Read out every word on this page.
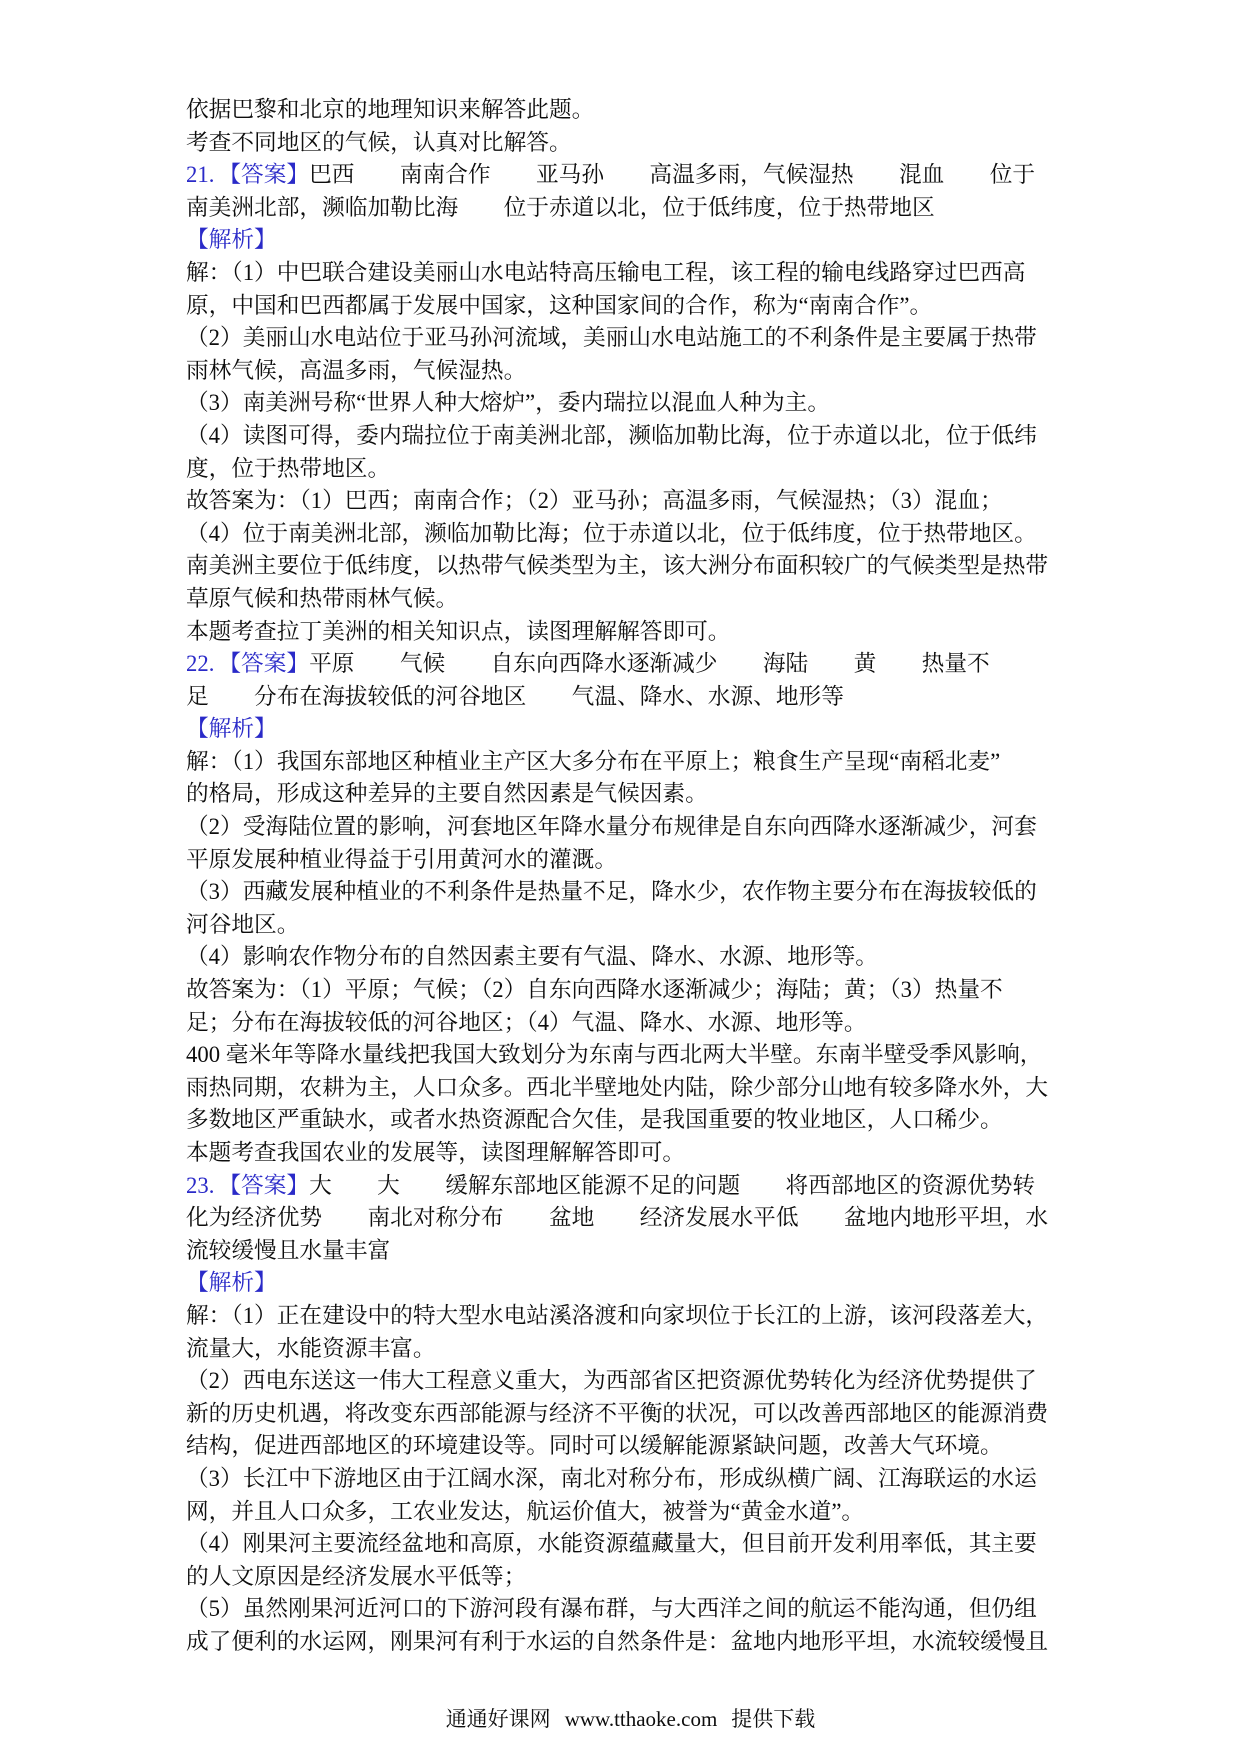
依据巴黎和北京的地理知识来解答此题。
考查不同地区的气候，认真对比解答。
21. 【答案】巴西　　南南合作　　亚马孙　　高温多雨，气候湿热　　混血　　位于
南美洲北部，濒临加勒比海　　位于赤道以北，位于低纬度，位于热带地区
【解析】
解：（1）中巴联合建设美丽山水电站特高压输电工程，该工程的输电线路穿过巴西高
原，中国和巴西都属于发展中国家，这种国家间的合作，称为“南南合作”。
（2）美丽山水电站位于亚马孙河流域，美丽山水电站施工的不利条件是主要属于热带
雨林气候，高温多雨，气候湿热。
（3）南美洲号称“世界人种大熔炉”，委内瑞拉以混血人种为主。
（4）读图可得，委内瑞拉位于南美洲北部，濒临加勒比海，位于赤道以北，位于低纬
度，位于热带地区。
故答案为：（1）巴西；南南合作；（2）亚马孙；高温多雨，气候湿热；（3）混血；
（4）位于南美洲北部，濒临加勒比海；位于赤道以北，位于低纬度，位于热带地区。
南美洲主要位于低纬度，以热带气候类型为主，该大洲分布面积较广的气候类型是热带
草原气候和热带雨林气候。
本题考查拉丁美洲的相关知识点，读图理解解答即可。
22. 【答案】平原　　气候　　自东向西降水逐渐减少　　海陆　　黄　　热量不
足　　分布在海拔较低的河谷地区　　气温、降水、水源、地形等
【解析】
解：（1）我国东部地区种植业主产区大多分布在平原上；粮食生产呈现“南稻北麦”
的格局，形成这种差异的主要自然因素是气候因素。
（2）受海陆位置的影响，河套地区年降水量分布规律是自东向西降水逐渐减少，河套
平原发展种植业得益于引用黄河水的灌溉。
（3）西藏发展种植业的不利条件是热量不足，降水少，农作物主要分布在海拔较低的
河谷地区。
（4）影响农作物分布的自然因素主要有气温、降水、水源、地形等。
故答案为：（1）平原；气候；（2）自东向西降水逐渐减少；海陆；黄；（3）热量不
足；分布在海拔较低的河谷地区；（4）气温、降水、水源、地形等。
400 毫米年等降水量线把我国大致划分为东南与西北两大半壁。东南半壁受季风影响，
雨热同期，农耕为主，人口众多。西北半壁地处内陆，除少部分山地有较多降水外，大
多数地区严重缺水，或者水热资源配合欠佳，是我国重要的牧业地区，人口稀少。
本题考查我国农业的发展等，读图理解解答即可。
23. 【答案】大　　大　　缓解东部地区能源不足的问题　　将西部地区的资源优势转
化为经济优势　　南北对称分布　　盆地　　经济发展水平低　　盆地内地形平坦，水
流较缓慢且水量丰富
【解析】
解：（1）正在建设中的特大型水电站溪洛渡和向家坝位于长江的上游，该河段落差大，
流量大，水能资源丰富。
（2）西电东送这一伟大工程意义重大，为西部省区把资源优势转化为经济优势提供了
新的历史机遇，将改变东西部能源与经济不平衡的状况，可以改善西部地区的能源消费
结构，促进西部地区的环境建设等。同时可以缓解能源紧缺问题，改善大气环境。
（3）长江中下游地区由于江阔水深，南北对称分布，形成纵横广阔、江海联运的水运
网，并且人口众多，工农业发达，航运价值大，被誉为“黄金水道”。
（4）刚果河主要流经盆地和高原，水能资源蕴藏量大，但目前开发利用率低，其主要
的人文原因是经济发展水平低等；
（5）虽然刚果河近河口的下游河段有瀑布群，与大西洋之间的航运不能沟通，但仍组
成了便利的水运网，刚果河有利于水运的自然条件是：盆地内地形平坦，水流较缓慢且

通通好课网 www.tthaoke.com 提供下载
